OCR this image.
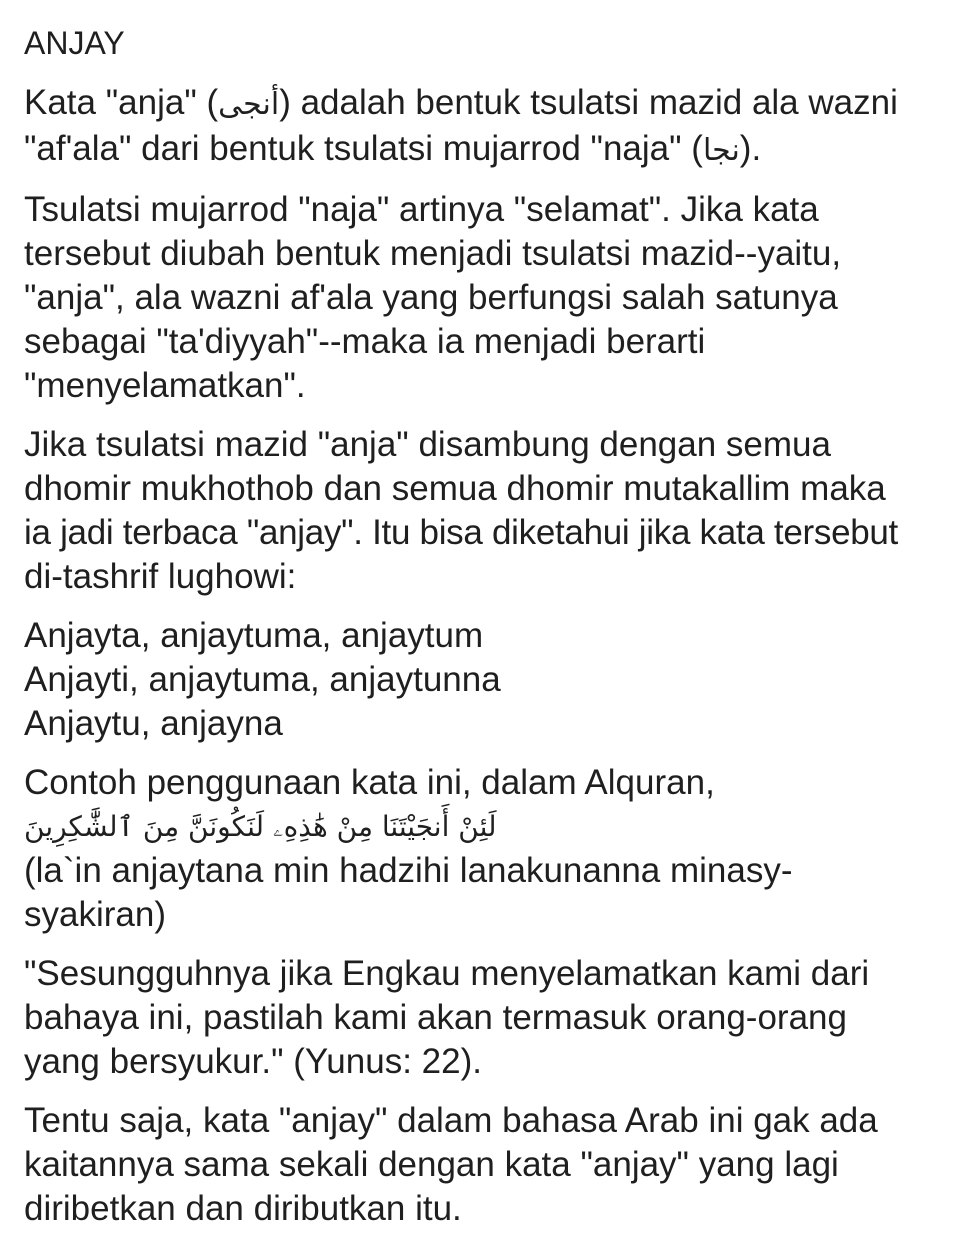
ANJAY
Kata "anja" (أنجى) adalah bentuk tsulatsi mazid ala wazni
"af'ala" dari bentuk tsulatsi mujarrod "naja" (نجا).
Tsulatsi mujarrod "naja" artinya "selamat". Jika kata
tersebut diubah bentuk menjadi tsulatsi mazid--yaitu,
"anja", ala wazni af'ala yang berfungsi salah satunya
sebagai "ta'diyyah"--maka ia menjadi berarti
"menyelamatkan".
Jika tsulatsi mazid "anja" disambung dengan semua
dhomir mukhothob dan semua dhomir mutakallim maka
ia jadi terbaca "anjay". Itu bisa diketahui jika kata tersebut
di-tashrif lughowi:
Anjayta, anjaytuma, anjaytum
Anjayti, anjaytuma, anjaytunna
Anjaytu, anjayna
Contoh penggunaan kata ini, dalam Alquran,
لَئِنْ أَنجَيْتَنَا مِنْ هَٰذِهِۦ لَنَكُونَنَّ مِنَ ٱلشَّٰكِرِينَ
(la`in anjaytana min hadzihi lanakunanna minasy-
syakiran)
"Sesungguhnya jika Engkau menyelamatkan kami dari
bahaya ini, pastilah kami akan termasuk orang-orang
yang bersyukur." (Yunus: 22).
Tentu saja, kata "anjay" dalam bahasa Arab ini gak ada
kaitannya sama sekali dengan kata "anjay" yang lagi
diribetkan dan diributkan itu.
